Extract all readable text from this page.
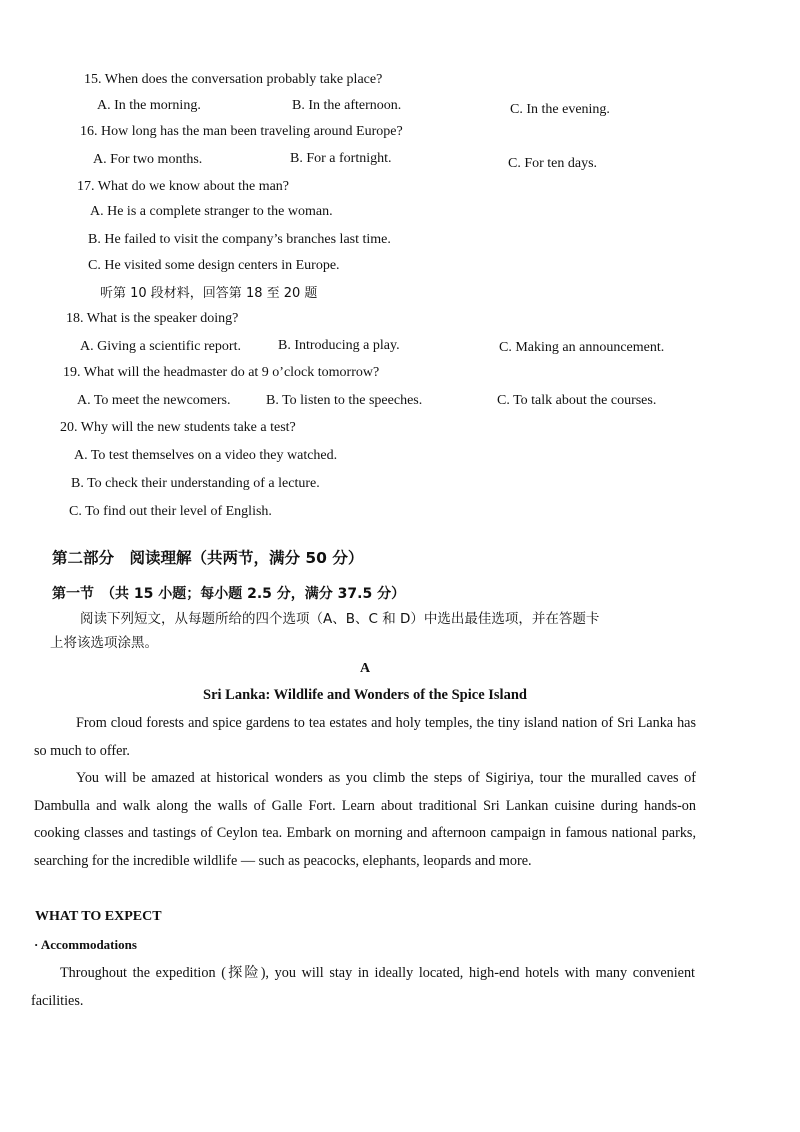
15. When does the conversation probably take place?
A. In the morning.	B. In the afternoon.	C. In the evening.
16. How long has the man been traveling around Europe?
A. For two months.	B. For a fortnight.	C. For ten days.
17. What do we know about the man?
A. He is a complete stranger to the woman.
B. He failed to visit the company’s branches last time.
C. He visited some design centers in Europe.
听第 10 段材料，回答第 18 至 20 题
18. What is the speaker doing?
A. Giving a scientific report.	B. Introducing a play.	C. Making an announcement.
19. What will the headmaster do at 9 o’clock tomorrow?
A. To meet the newcomers.	B. To listen to the speeches.	C. To talk about the courses.
20. Why will the new students take a test?
A. To test themselves on a video they watched.
B. To check their understanding of a lecture.
C. To find out their level of English.
第二部分　阅读理解（共两节，满分 50 分）
第一节　（共 15 小题；每小题 2.5 分，满分 37.5 分）
阅读下列短文，从每题所给的四个选项（A、B、C 和 D）中选出最佳选项，并在答题卡
上将该选项涂黑。
A
Sri Lanka: Wildlife and Wonders of the Spice Island
From cloud forests and spice gardens to tea estates and holy temples, the tiny island nation of Sri Lanka has so much to offer.
You will be amazed at historical wonders as you climb the steps of Sigiriya, tour the muralled caves of Dambulla and walk along the walls of Galle Fort. Learn about traditional Sri Lankan cuisine during hands-on cooking classes and tastings of Ceylon tea. Embark on morning and afternoon campaign in famous national parks, searching for the incredible wildlife — such as peacocks, elephants, leopards and more.
WHAT TO EXPECT
· Accommodations
Throughout the expedition (探险), you will stay in ideally located, high-end hotels with many convenient facilities.
